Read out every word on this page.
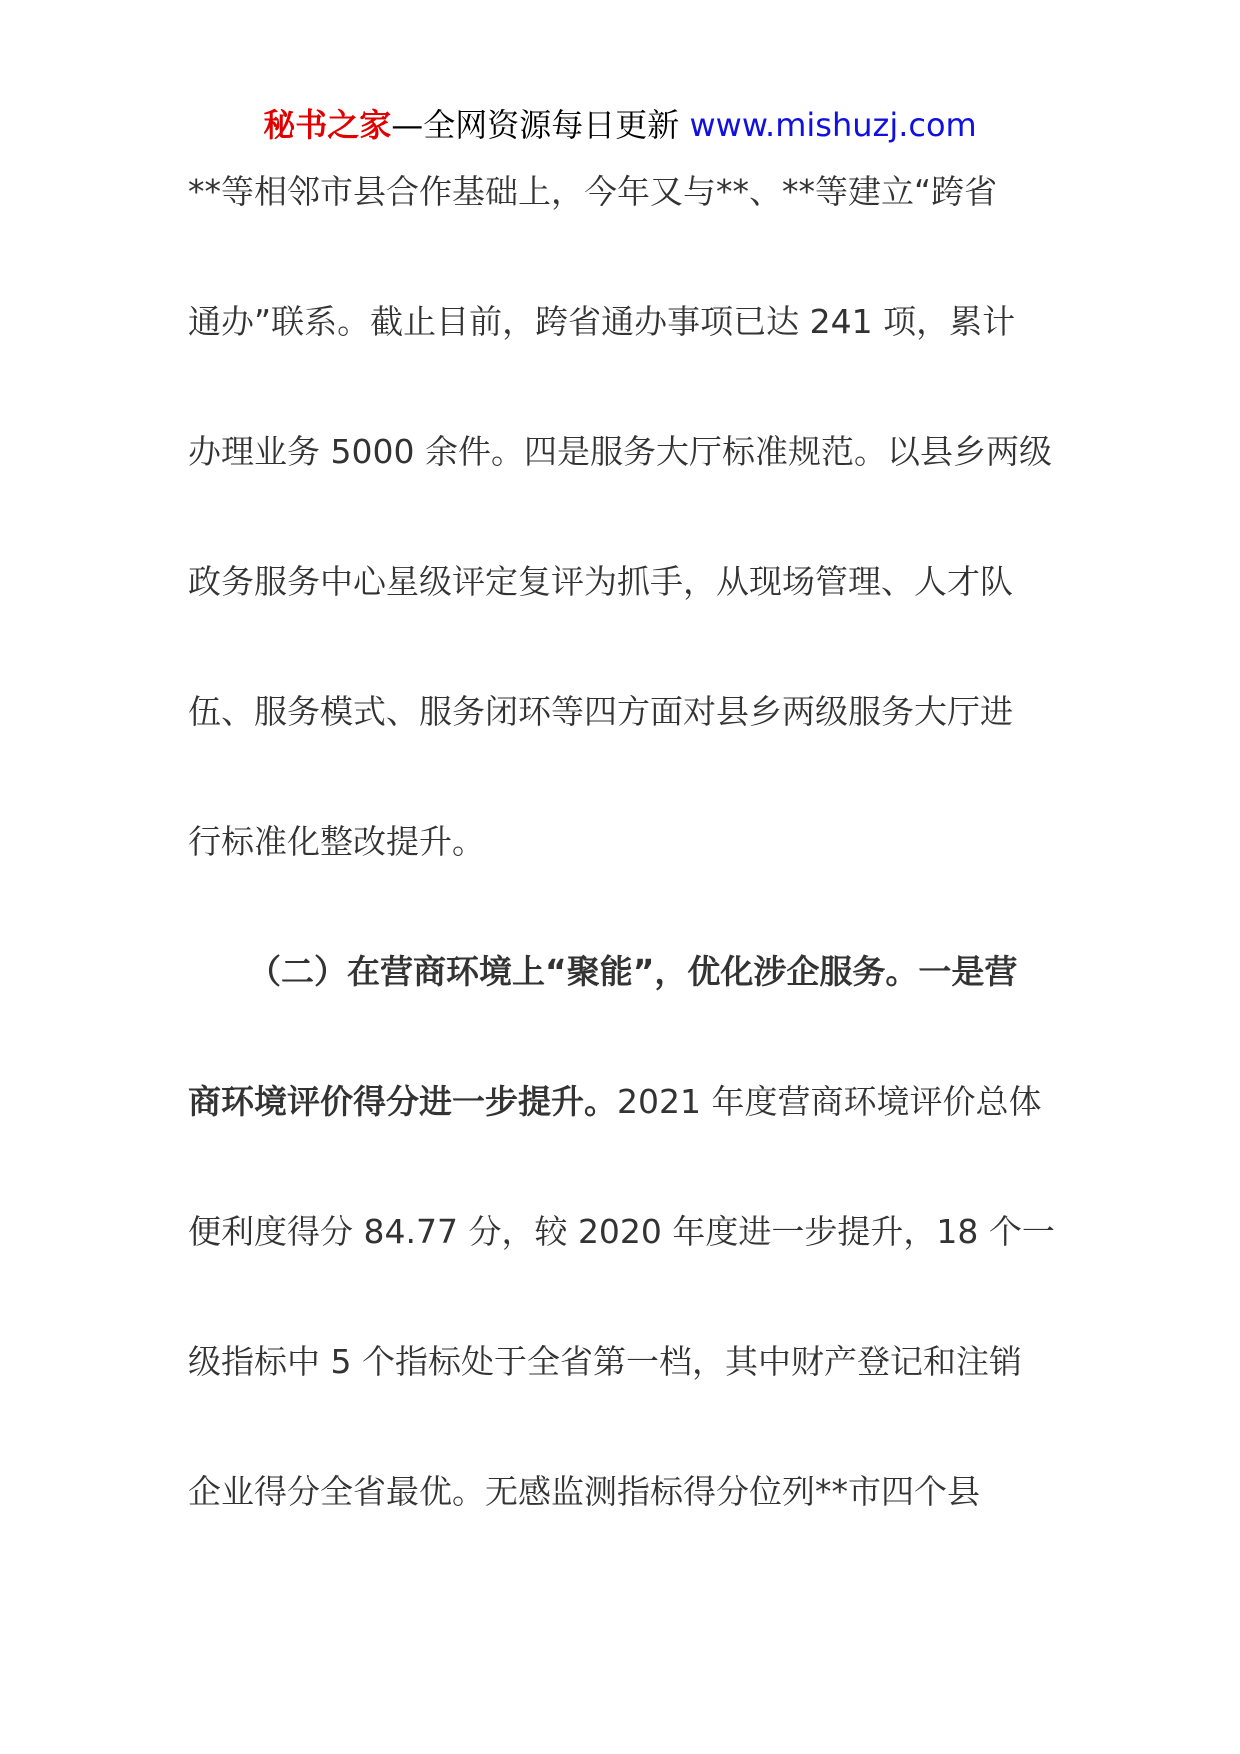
秘书之家—全网资源每日更新 www.mishuzj.com
**等相邻市县合作基础上，今年又与**、**等建立“跨省
通办”联系。截止目前，跨省通办事项已达 241 项，累计
办理业务 5000 余件。四是服务大厅标准规范。以县乡两级
政务服务中心星级评定复评为抓手，从现场管理、人才队
伍、服务模式、服务闭环等四方面对县乡两级服务大厅进
行标准化整改提升。
（二）在营商环境上“聚能”，优化涉企服务。一是营
商环境评价得分进一步提升。2021 年度营商环境评价总体
便利度得分 84.77 分，较 2020 年度进一步提升，18 个一
级指标中 5 个指标处于全省第一档，其中财产登记和注销
企业得分全省最优。无感监测指标得分位列**市四个县
